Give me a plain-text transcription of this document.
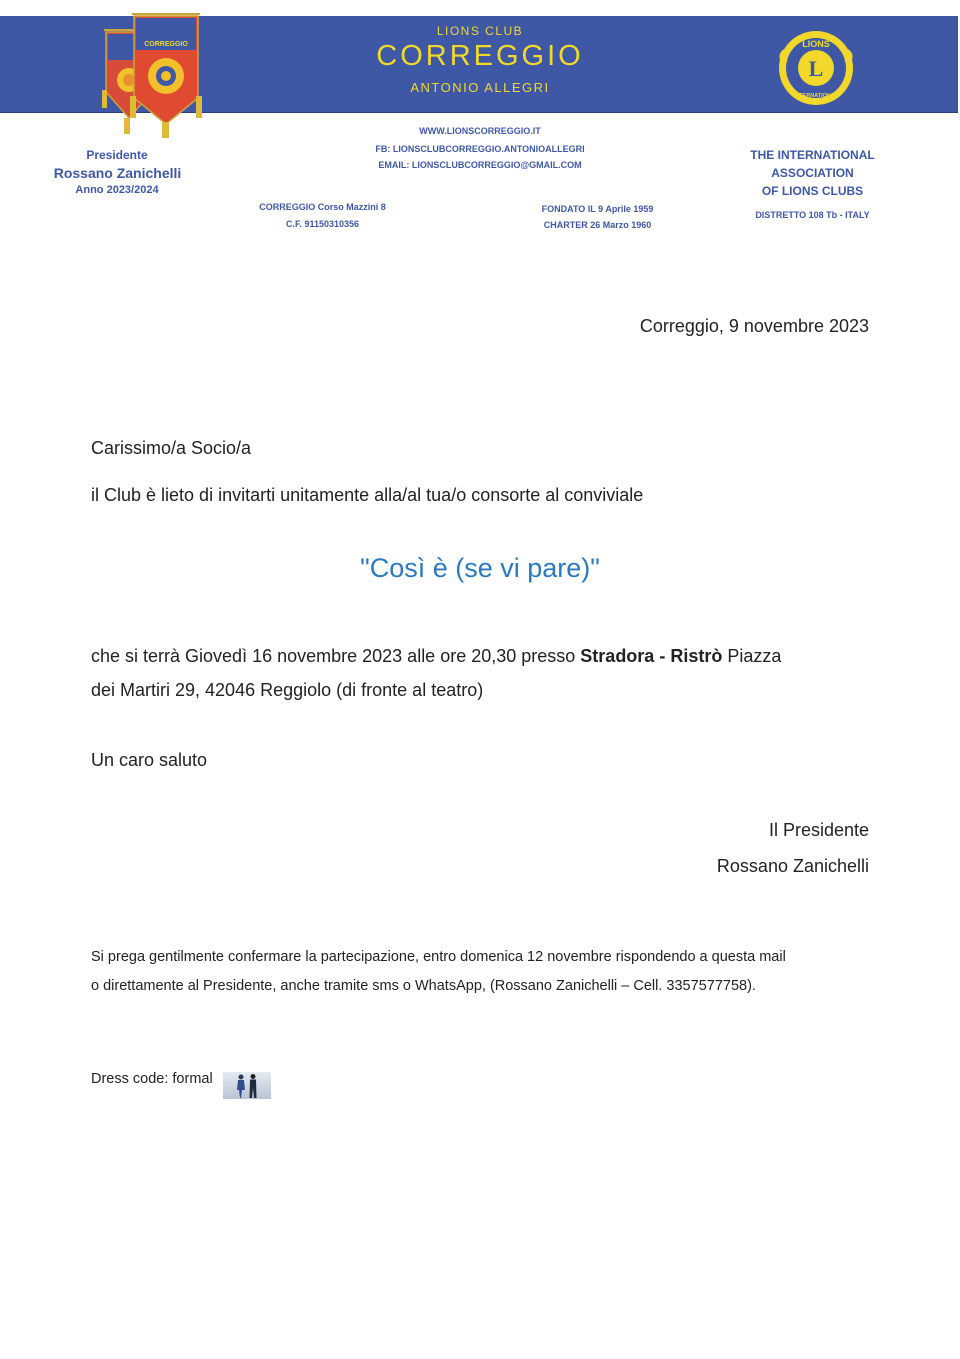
LIONS CLUB
CORREGGIO
ANTONIO ALLEGRI
CORREGGIO
L
LIONS
INTERNATIONAL
Presidente
Rossano Zanichelli
Anno 2023/2024
WWW.LIONSCORREGGIO.IT
FB: LIONSCLUBCORREGGIO.ANTONIOALLEGRI
EMAIL: LIONSCLUBCORREGGIO@GMAIL.COM
CORREGGIO Corso Mazzini 8
C.F. 91150310356
FONDATO IL 9 Aprile 1959
CHARTER 26 Marzo 1960
THE INTERNATIONAL
ASSOCIATION
OF LIONS CLUBS
DISTRETTO 108 Tb - ITALY
Correggio, 9 novembre 2023
Carissimo/a Socio/a
il Club è lieto di invitarti unitamente alla/al tua/o consorte al conviviale
"Così è (se vi pare)"
che si terrà Giovedì 16 novembre 2023 alle ore 20,30 presso Stradora - Ristrò Piazza
dei Martiri 29, 42046 Reggiolo (di fronte al teatro)
Un caro saluto
Il Presidente
Rossano Zanichelli
Si prega gentilmente confermare la partecipazione, entro domenica 12 novembre rispondendo a questa mail
o direttamente al Presidente, anche tramite sms o WhatsApp, (Rossano Zanichelli – Cell. 3357577758).
Dress code: formal
